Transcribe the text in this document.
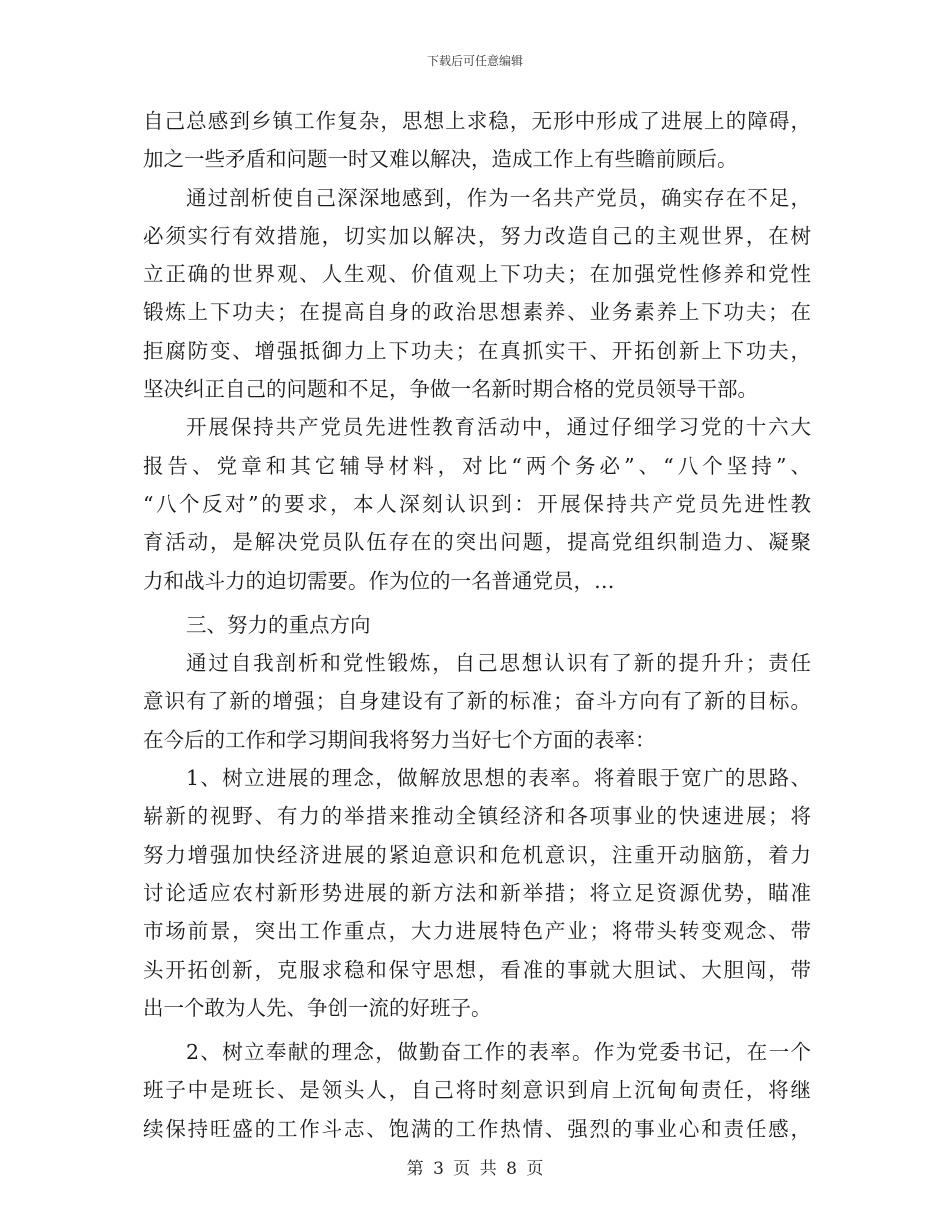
下载后可任意编辑
自己总感到乡镇工作复杂，思想上求稳，无形中形成了进展上的障碍，
加之一些矛盾和问题一时又难以解决，造成工作上有些瞻前顾后。
通过剖析使自己深深地感到，作为一名共产党员，确实存在不足，
必须实行有效措施，切实加以解决，努力改造自己的主观世界，在树
立正确的世界观、人生观、价值观上下功夫；在加强党性修养和党性
锻炼上下功夫；在提高自身的政治思想素养、业务素养上下功夫；在
拒腐防变、增强抵御力上下功夫；在真抓实干、开拓创新上下功夫，
坚决纠正自己的问题和不足，争做一名新时期合格的党员领导干部。
开展保持共产党员先进性教育活动中，通过仔细学习党的十六大
报告、党章和其它辅导材料，对比“两个务必”、“八个坚持”、
“八个反对”的要求，本人深刻认识到：开展保持共产党员先进性教
育活动，是解决党员队伍存在的突出问题，提高党组织制造力、凝聚
力和战斗力的迫切需要。作为位的一名普通党员，…
三、努力的重点方向
通过自我剖析和党性锻炼，自己思想认识有了新的提升升；责任
意识有了新的增强；自身建设有了新的标准；奋斗方向有了新的目标。
在今后的工作和学习期间我将努力当好七个方面的表率：
1、树立进展的理念，做解放思想的表率。将着眼于宽广的思路、
崭新的视野、有力的举措来推动全镇经济和各项事业的快速进展；将
努力增强加快经济进展的紧迫意识和危机意识，注重开动脑筋，着力
讨论适应农村新形势进展的新方法和新举措；将立足资源优势，瞄准
市场前景，突出工作重点，大力进展特色产业；将带头转变观念、带
头开拓创新，克服求稳和保守思想，看准的事就大胆试、大胆闯，带
出一个敢为人先、争创一流的好班子。
2、树立奉献的理念，做勤奋工作的表率。作为党委书记，在一个
班子中是班长、是领头人，自己将时刻意识到肩上沉甸甸责任，将继
续保持旺盛的工作斗志、饱满的工作热情、强烈的事业心和责任感，
第 3 页 共 8 页
